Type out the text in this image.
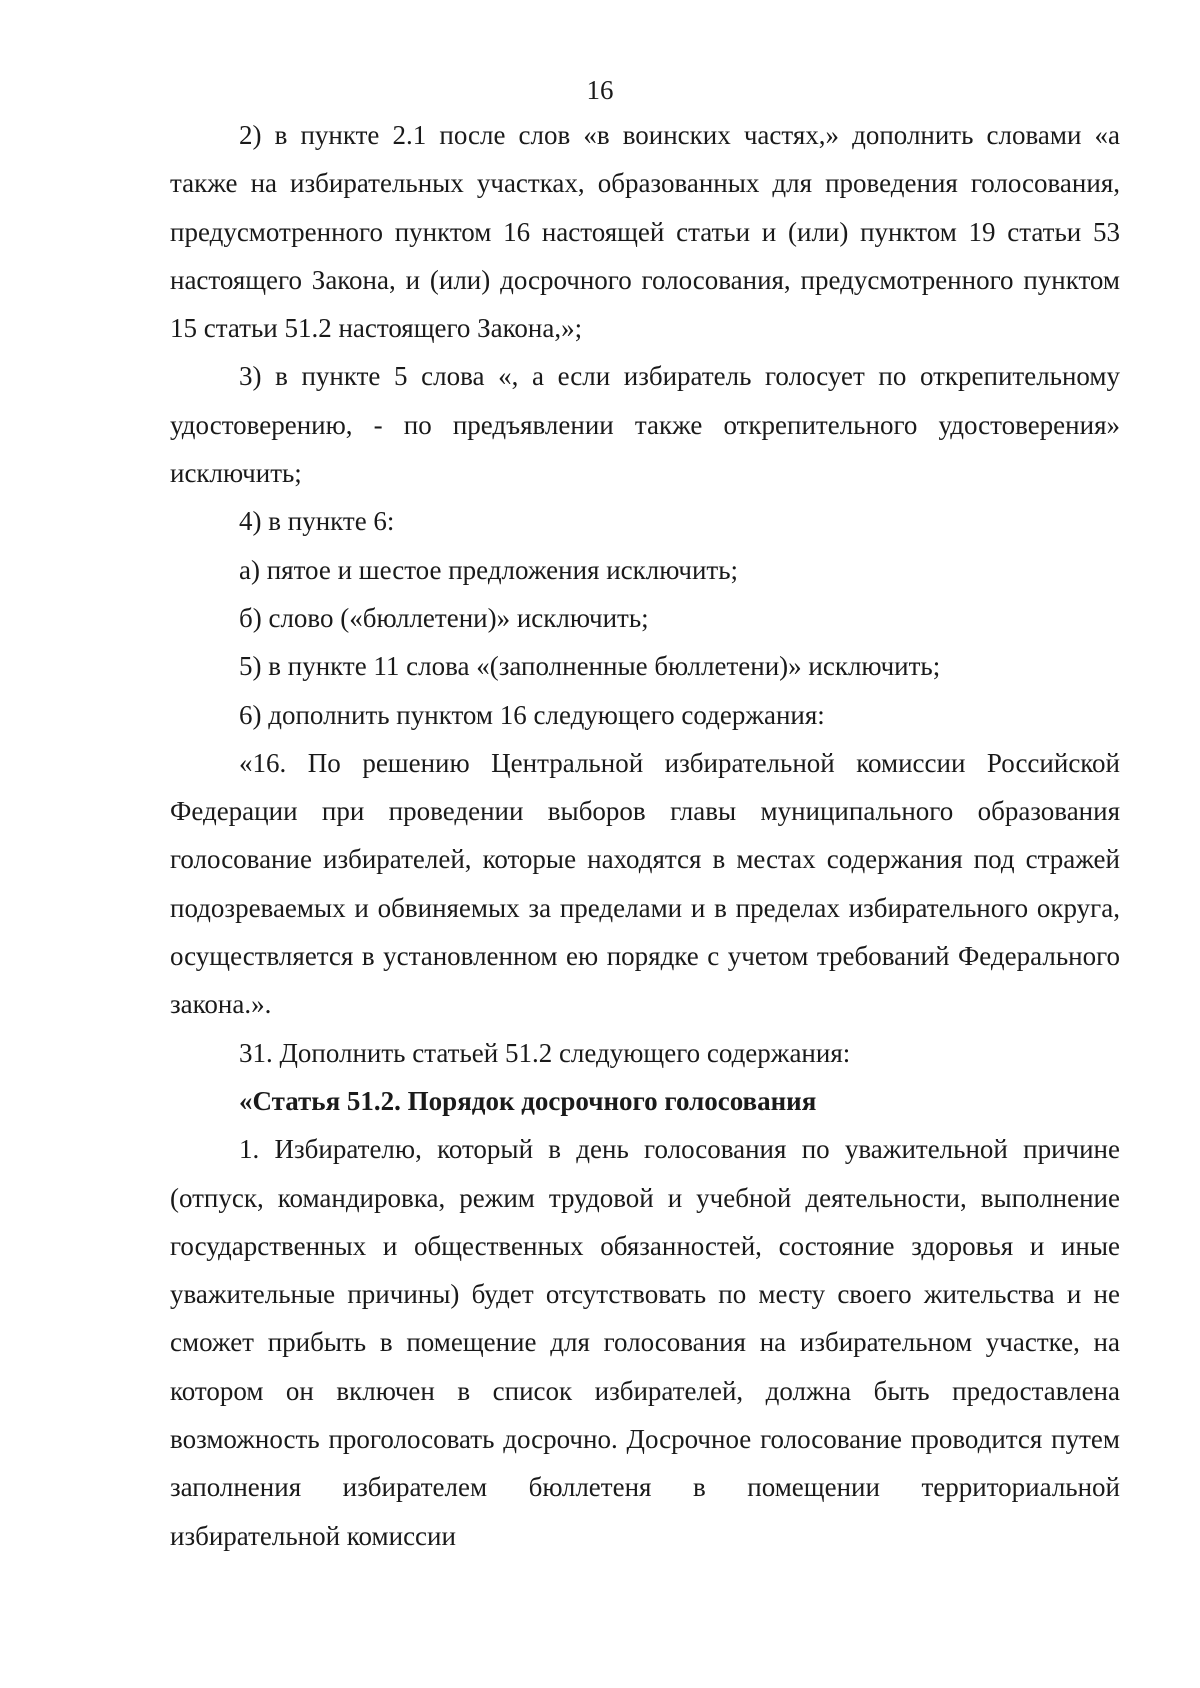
16

2) в пункте 2.1 после слов «в воинских частях,» дополнить словами «а также на избирательных участках, образованных для проведения голосования, предусмотренного пунктом 16 настоящей статьи и (или) пунктом 19 статьи 53 настоящего Закона, и (или) досрочного голосования, предусмотренного пунктом 15 статьи 51.2 настоящего Закона,»;

3) в пункте 5 слова «, а если избиратель голосует по открепительному удостоверению, - по предъявлении также открепительного удостоверения» исключить;

4) в пункте 6:

а) пятое и шестое предложения исключить;

б) слово («бюллетени)» исключить;

5) в пункте 11 слова «(заполненные бюллетени)» исключить;

6) дополнить пунктом 16 следующего содержания:

«16. По решению Центральной избирательной комиссии Российской Федерации при проведении выборов главы муниципального образования голосование избирателей, которые находятся в местах содержания под стражей подозреваемых и обвиняемых за пределами и в пределах избирательного округа, осуществляется в установленном ею порядке с учетом требований Федерального закона.».

31. Дополнить статьей 51.2 следующего содержания:

«Статья 51.2. Порядок досрочного голосования

1. Избирателю, который в день голосования по уважительной причине (отпуск, командировка, режим трудовой и учебной деятельности, выполнение государственных и общественных обязанностей, состояние здоровья и иные уважительные причины) будет отсутствовать по месту своего жительства и не сможет прибыть в помещение для голосования на избирательном участке, на котором он включен в список избирателей, должна быть предоставлена возможность проголосовать досрочно. Досрочное голосование проводится путем заполнения избирателем бюллетеня в помещении территориальной избирательной комиссии
